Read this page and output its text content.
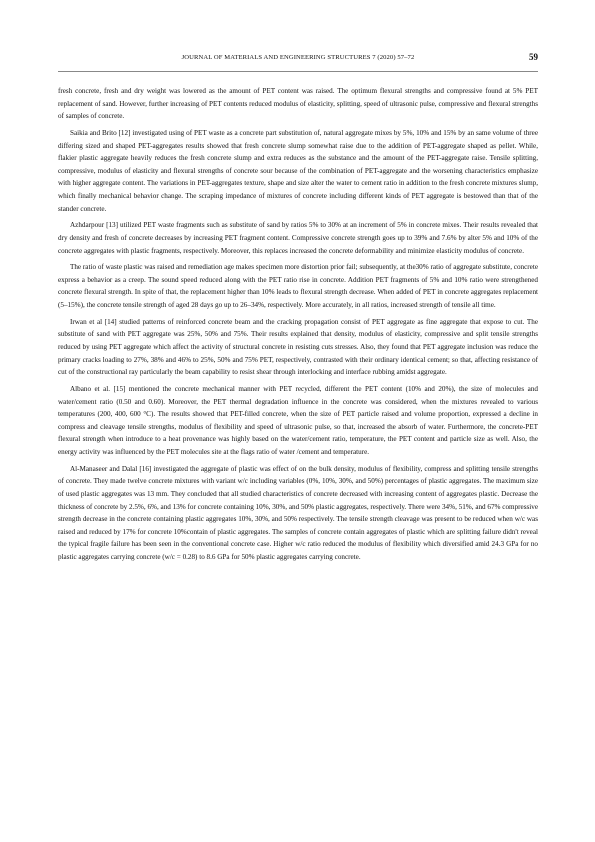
JOURNAL OF MATERIALS AND ENGINEERING STRUCTURES 7 (2020) 57–72	59

fresh concrete, fresh and dry weight was lowered as the amount of PET content was raised. The optimum flexural strengths and compressive found at 5% PET replacement of sand. However, further increasing of PET contents reduced modulus of elasticity, splitting, speed of ultrasonic pulse, compressive and flexural strengths of samples of concrete.

Saikia and Brito [12] investigated using of PET waste as a concrete part substitution of, natural aggregate mixes by 5%, 10% and 15% by an same volume of three differing sized and shaped PET-aggregates results showed that fresh concrete slump somewhat raise due to the addition of PET-aggregate shaped as pellet. While, flakier plastic aggregate heavily reduces the fresh concrete slump and extra reduces as the substance and the amount of the PET-aggregate raise. Tensile splitting, compressive, modulus of elasticity and flexural strengths of concrete sour because of the combination of PET-aggregate and the worsening characteristics emphasize with higher aggregate content. The variations in PET-aggregates texture, shape and size alter the water to cement ratio in addition to the fresh concrete mixtures slump, which finally mechanical behavior change. The scraping impedance of mixtures of concrete including different kinds of PET aggregate is bestowed than that of the stander concrete.

Azhdarpour [13] utilized PET waste fragments such as substitute of sand by ratios 5% to 30% at an increment of 5% in concrete mixes. Their results revealed that dry density and fresh of concrete decreases by increasing PET fragment content. Compressive concrete strength goes up to 39% and 7.6% by alter 5% and 10% of the concrete aggregates with plastic fragments, respectively. Moreover, this replaces increased the concrete deformability and minimize elasticity modulus of concrete.

The ratio of waste plastic was raised and remediation age makes specimen more distortion prior fail; subsequently, at the30% ratio of aggregate substitute, concrete express a behavior as a creep. The sound speed reduced along with the PET ratio rise in concrete. Addition PET fragments of 5% and 10% ratio were strengthened concrete flexural strength. In spite of that, the replacement higher than 10% leads to flexural strength decrease. When added of PET in concrete aggregates replacement (5–15%), the concrete tensile strength of aged 28 days go up to 26–34%, respectively. More accurately, in all ratios, increased strength of tensile all time.

Irwan et al [14] studied patterns of reinforced concrete beam and the cracking propagation consist of PET aggregate as fine aggregate that expose to cut. The substitute of sand with PET aggregate was 25%, 50% and 75%. Their results explained that density, modulus of elasticity, compressive and split tensile strengths reduced by using PET aggregate which affect the activity of structural concrete in resisting cuts stresses. Also, they found that PET aggregate inclusion was reduce the primary cracks loading to 27%, 38% and 46% to 25%, 50% and 75% PET, respectively, contrasted with their ordinary identical cement; so that, affecting resistance of cut of the constructional ray particularly the beam capability to resist shear through interlocking and interface rubbing amidst aggregate.

Albano et al. [15] mentioned the concrete mechanical manner with PET recycled, different the PET content (10% and 20%), the size of molecules and water/cement ratio (0.50 and 0.60). Moreover, the PET thermal degradation influence in the concrete was considered, when the mixtures revealed to various temperatures (200, 400, 600 °C). The results showed that PET-filled concrete, when the size of PET particle raised and volume proportion, expressed a decline in compress and cleavage tensile strengths, modulus of flexibility and speed of ultrasonic pulse, so that, increased the absorb of water. Furthermore, the concrete-PET flexural strength when introduce to a heat provenance was highly based on the water/cement ratio, temperature, the PET content and particle size as well. Also, the energy activity was influenced by the PET molecules site at the flags ratio of water /cement and temperature.

Al-Manaseer and Dalal [16] investigated the aggregate of plastic was effect of on the bulk density, modulus of flexibility, compress and splitting tensile strengths of concrete. They made twelve concrete mixtures with variant w/c including variables (0%, 10%, 30%, and 50%) percentages of plastic aggregates. The maximum size of used plastic aggregates was 13 mm. They concluded that all studied characteristics of concrete decreased with increasing content of aggregates plastic. Decrease the thickness of concrete by 2.5%, 6%, and 13% for concrete containing 10%, 30%, and 50% plastic aggregates, respectively. There were 34%, 51%, and 67% compressive strength decrease in the concrete containing plastic aggregates 10%, 30%, and 50% respectively. The tensile strength cleavage was present to be reduced when w/c was raised and reduced by 17% for concrete 10%contain of plastic aggregates. The samples of concrete contain aggregates of plastic which are splitting failure didn't reveal the typical fragile failure has been seen in the conventional concrete case. Higher w/c ratio reduced the modulus of flexibility which diversified amid 24.3 GPa for no plastic aggregates carrying concrete (w/c = 0.28) to 8.6 GPa for 50% plastic aggregates carrying concrete.
